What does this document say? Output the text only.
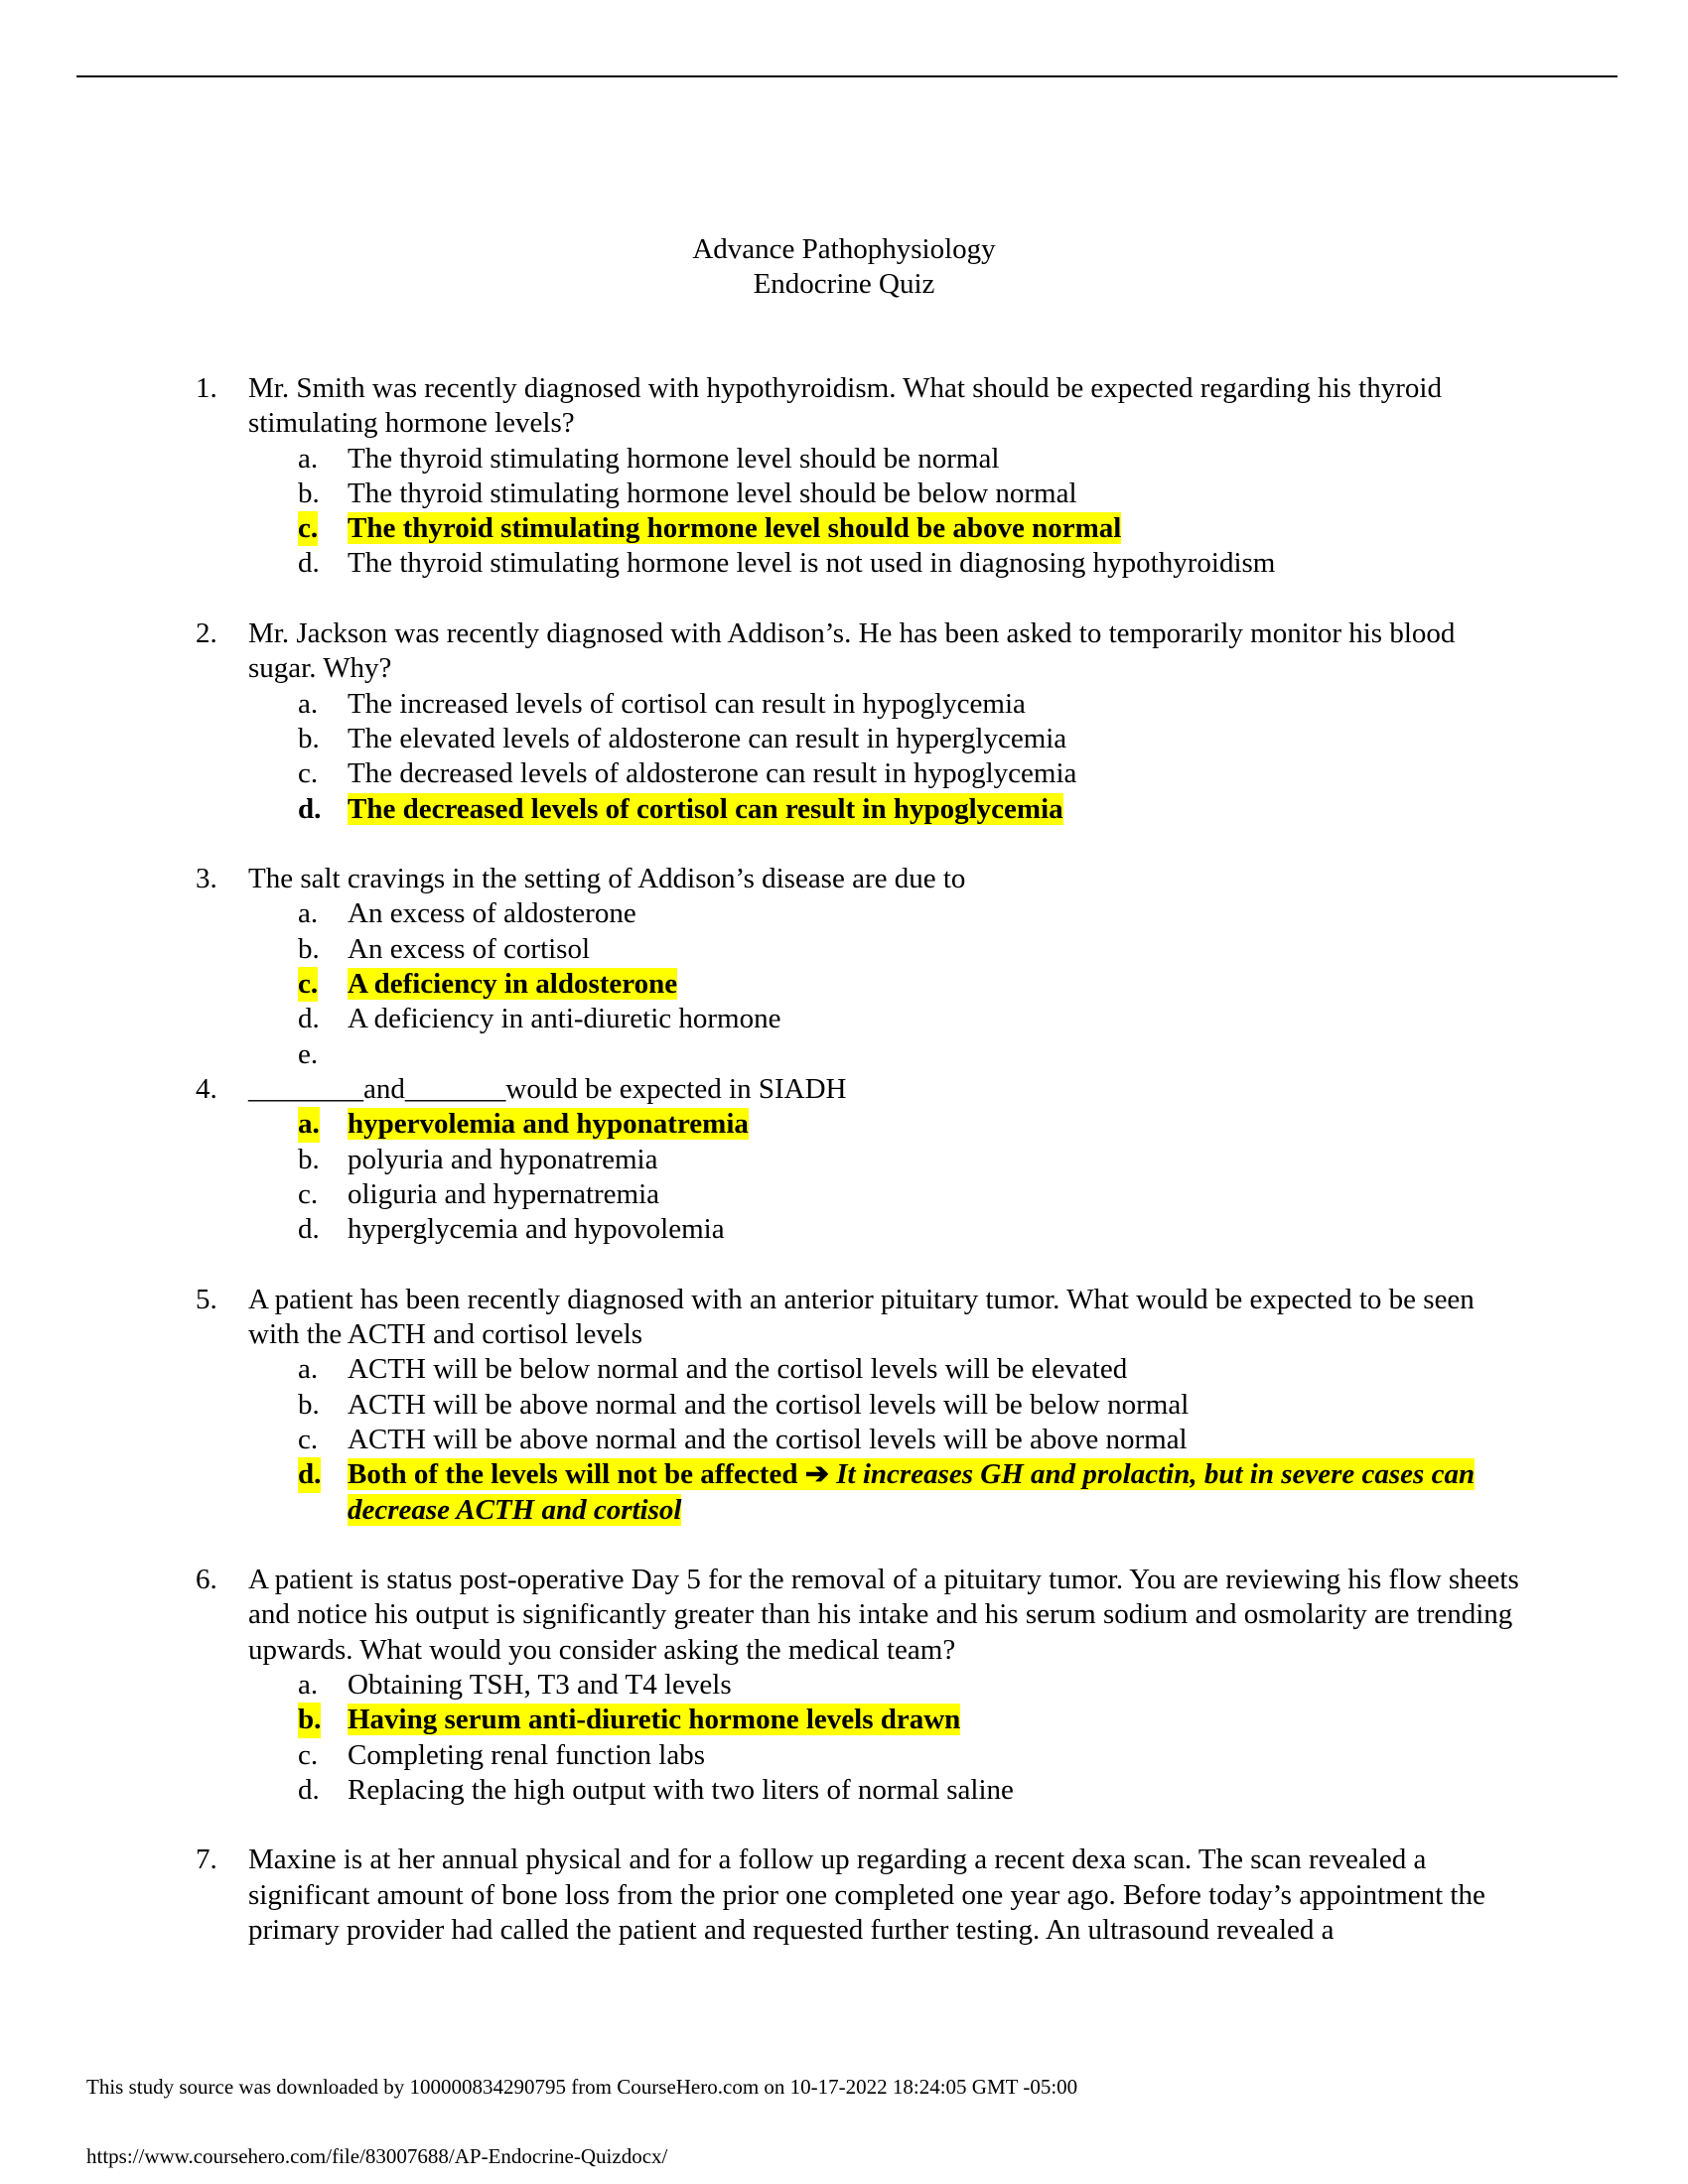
Advance Pathophysiology
Endocrine Quiz
1. Mr. Smith was recently diagnosed with hypothyroidism. What should be expected regarding his thyroid stimulating hormone levels?
a. The thyroid stimulating hormone level should be normal
b. The thyroid stimulating hormone level should be below normal
c. The thyroid stimulating hormone level should be above normal
d. The thyroid stimulating hormone level is not used in diagnosing hypothyroidism
2. Mr. Jackson was recently diagnosed with Addison’s. He has been asked to temporarily monitor his blood sugar. Why?
a. The increased levels of cortisol can result in hypoglycemia
b. The elevated levels of aldosterone can result in hyperglycemia
c. The decreased levels of aldosterone can result in hypoglycemia
d. The decreased levels of cortisol can result in hypoglycemia
3. The salt cravings in the setting of Addison’s disease are due to
a. An excess of aldosterone
b. An excess of cortisol
c. A deficiency in aldosterone
d. A deficiency in anti-diuretic hormone
e.

4. ________and_______would be expected in SIADH
a. hypervolemia and hyponatremia
b. polyuria and hyponatremia
c. oliguria and hypernatremia
d. hyperglycemia and hypovolemia
5. A patient has been recently diagnosed with an anterior pituitary tumor. What would be expected to be seen with the ACTH and cortisol levels
a. ACTH will be below normal and the cortisol levels will be elevated
b. ACTH will be above normal and the cortisol levels will be below normal
c. ACTH will be above normal and the cortisol levels will be above normal
d. Both of the levels will not be affected ➔ It increases GH and prolactin, but in severe cases can decrease ACTH and cortisol
6. A patient is status post-operative Day 5 for the removal of a pituitary tumor. You are reviewing his flow sheets and notice his output is significantly greater than his intake and his serum sodium and osmolarity are trending upwards. What would you consider asking the medical team?
a. Obtaining TSH, T3 and T4 levels
b. Having serum anti-diuretic hormone levels drawn
c. Completing renal function labs
d. Replacing the high output with two liters of normal saline
7. Maxine is at her annual physical and for a follow up regarding a recent dexa scan. The scan revealed a significant amount of bone loss from the prior one completed one year ago. Before today’s appointment the primary provider had called the patient and requested further testing. An ultrasound revealed a
This study source was downloaded by 100000834290795 from CourseHero.com on 10-17-2022 18:24:05 GMT -05:00
https://www.coursehero.com/file/83007688/AP-Endocrine-Quizdocx/
